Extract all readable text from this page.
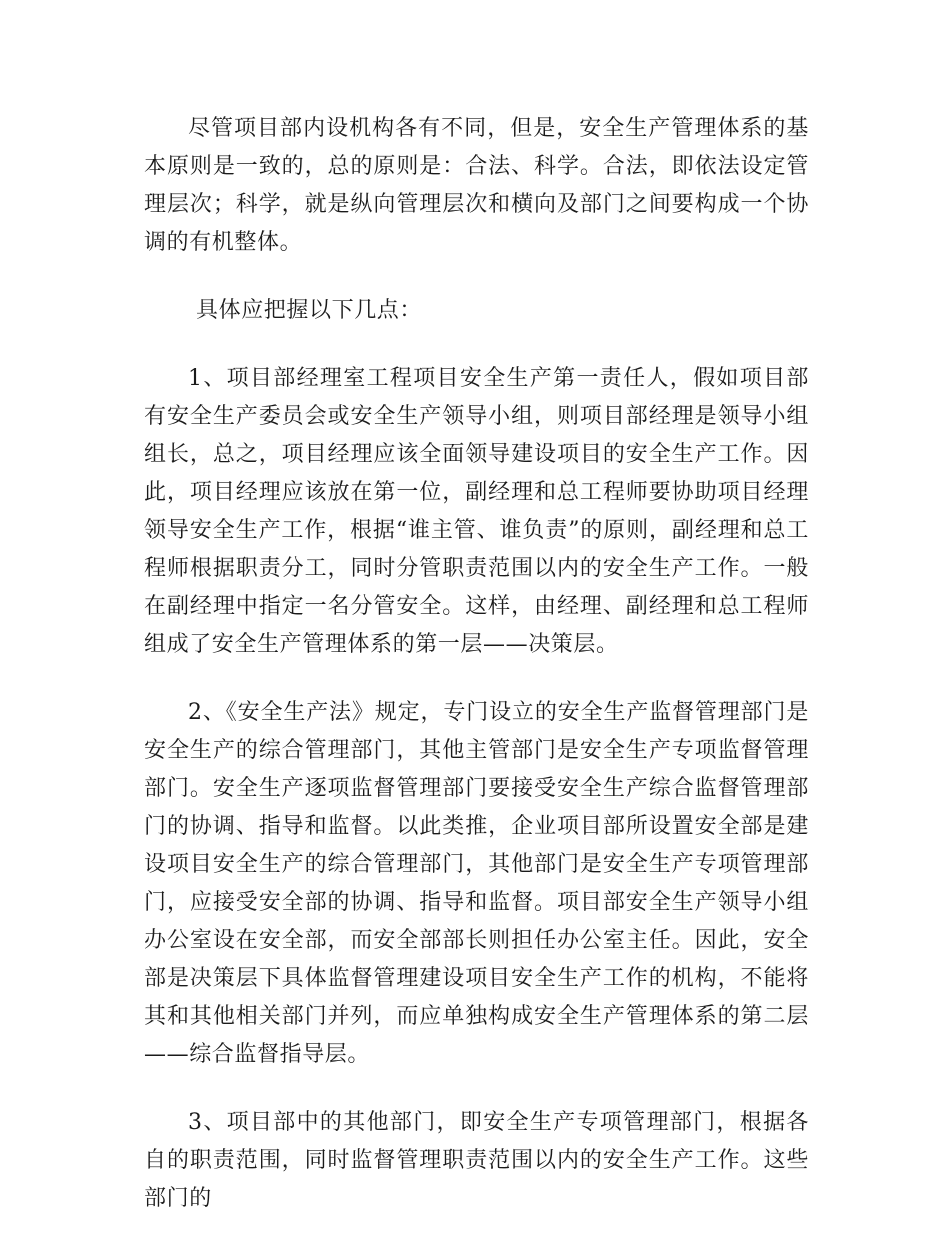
尽管项目部内设机构各有不同，但是，安全生产管理体系的基本原则是一致的，总的原则是：合法、科学。合法，即依法设定管理层次；科学，就是纵向管理层次和横向及部门之间要构成一个协调的有机整体。

具体应把握以下几点：

1、项目部经理室工程项目安全生产第一责任人，假如项目部有安全生产委员会或安全生产领导小组，则项目部经理是领导小组组长，总之，项目经理应该全面领导建设项目的安全生产工作。因此，项目经理应该放在第一位，副经理和总工程师要协助项目经理领导安全生产工作，根据“谁主管、谁负责”的原则，副经理和总工程师根据职责分工，同时分管职责范围以内的安全生产工作。一般在副经理中指定一名分管安全。这样，由经理、副经理和总工程师组成了安全生产管理体系的第一层——决策层。

2、《安全生产法》规定，专门设立的安全生产监督管理部门是安全生产的综合管理部门，其他主管部门是安全生产专项监督管理部门。安全生产逐项监督管理部门要接受安全生产综合监督管理部门的协调、指导和监督。以此类推，企业项目部所设置安全部是建设项目安全生产的综合管理部门，其他部门是安全生产专项管理部门，应接受安全部的协调、指导和监督。项目部安全生产领导小组办公室设在安全部，而安全部部长则担任办公室主任。因此，安全部是决策层下具体监督管理建设项目安全生产工作的机构，不能将其和其他相关部门并列，而应单独构成安全生产管理体系的第二层——综合监督指导层。

3、项目部中的其他部门，即安全生产专项管理部门，根据各自的职责范围，同时监督管理职责范围以内的安全生产工作。这些部门的
